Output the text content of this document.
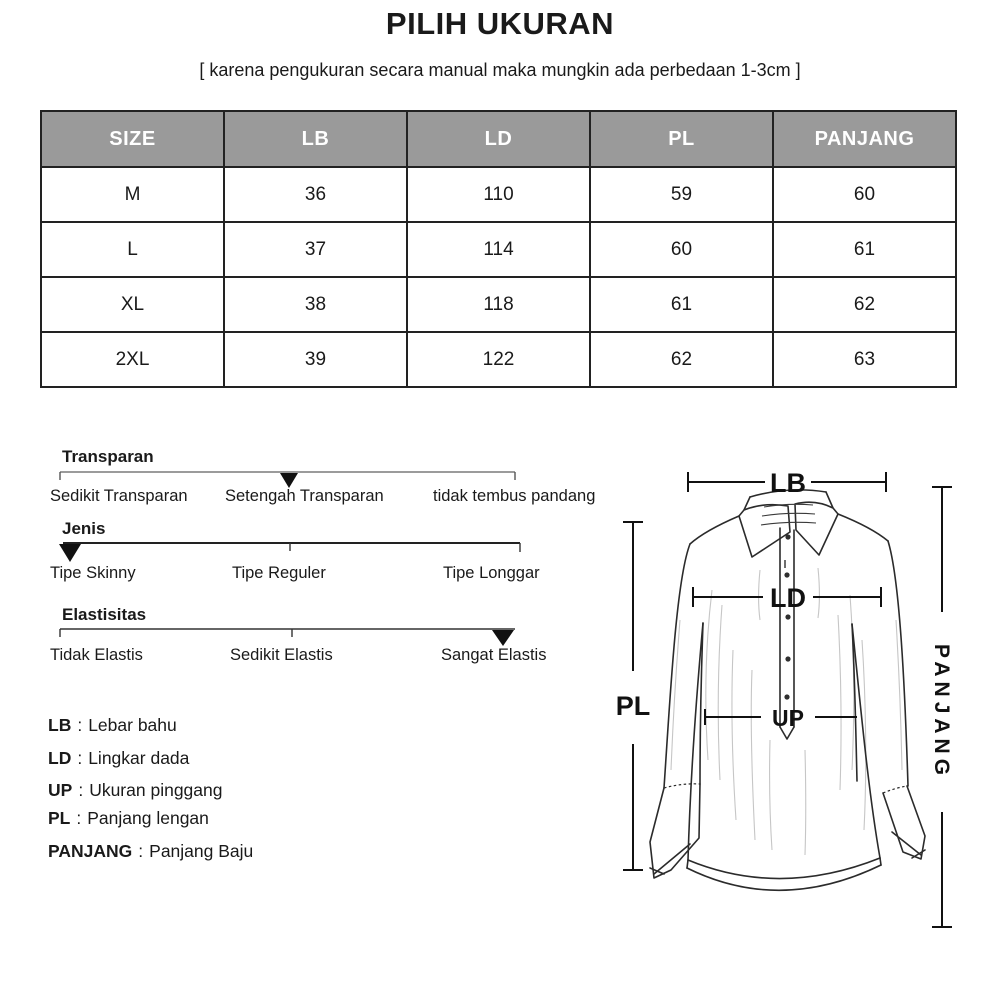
PILIH UKURAN
[ karena pengukuran secara manual maka mungkin ada perbedaan 1-3cm ]
SIZE	LB	LD	PL	PANJANG
M	36	110	59	60
L	37	114	60	61
XL	38	118	61	62
2XL	39	122	62	63
Transparan
Sedikit Transparan Setengah Transparan	tidak tembus pandang
Jenis
Tipe Skinny	Tipe Reguler	Tipe Longgar
Elastisitas
Tidak Elastis	Sedikit Elastis	Sangat Elastis
LB : Lebar bahu
LD : Lingkar dada
UP : Ukuran pinggang
PL : Panjang lengan
PANJANG : Panjang Baju
LB
LD
UP
PL	PANJANG
